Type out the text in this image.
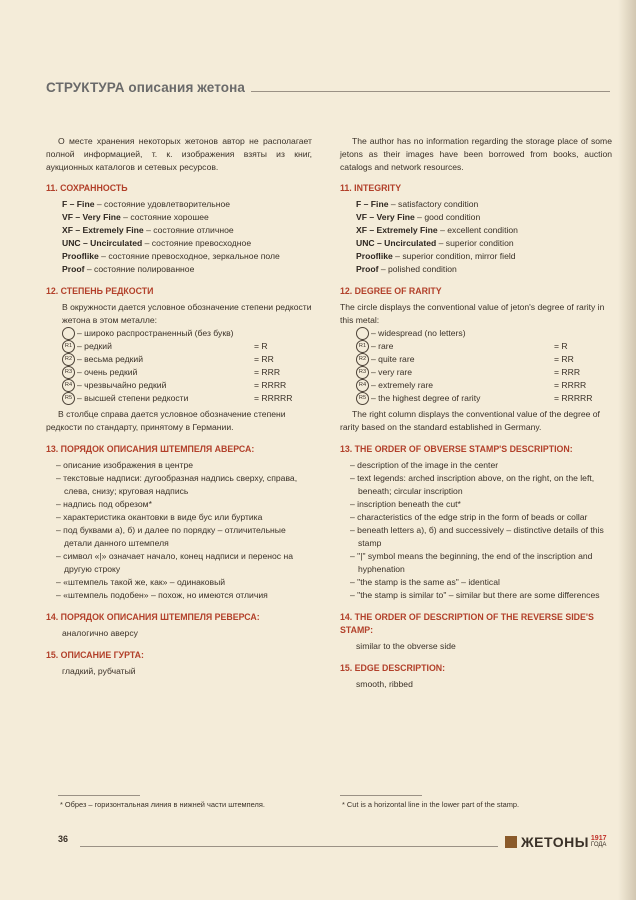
СТРУКТУРА описания жетона

О месте хранения некоторых жетонов автор не располагает полной информацией, т. к. изображения взяты из книг, аукционных каталогов и сетевых ресурсов.

11. СОХРАННОСТЬ
F – Fine – состояние удовлетворительное
VF – Very Fine – состояние хорошее
XF – Extremely Fine – состояние отличное
UNC – Uncirculated – состояние превосходное
Prooflike – состояние превосходное, зеркальное поле
Proof – состояние полированное
12. СТЕПЕНЬ РЕДКОСТИ
В окружности дается условное обозначение степени редкости жетона в этом металле:
– широко распространенный (без букв)
R1 – редкий	= R
R2 – весьма редкий	= RR
R3 – очень редкий	= RRR
R4 – чрезвычайно редкий	= RRRR
R5 – высшей степени редкости	= RRRRR

В столбце справа дается условное обозначение степени редкости по стандарту, принятому в Германии.

13. ПОРЯДОК ОПИСАНИЯ ШТЕМПЕЛЯ АВЕРСА:
– описание изображения в центре
– текстовые надписи: дугообразная надпись сверху, справа, слева, снизу; круговая надпись
– надпись под обрезом*
– характеристика окантовки в виде бус или буртика
– под буквами а), б) и далее по порядку – отличительные детали данного штемпеля
– символ «|» означает начало, конец надписи и перенос на другую строку
– «штемпель такой же, как» – одинаковый
– «штемпель подобен» – похож, но имеются отличия
14. ПОРЯДОК ОПИСАНИЯ ШТЕМПЕЛЯ РЕВЕРСА:
аналогично аверсу
15. ОПИСАНИЕ ГУРТА:
гладкий, рубчатый

The author has no information regarding the storage place of some jetons as their images have been borrowed from books, auction catalogs and network resources.

11. INTEGRITY
F – Fine – satisfactory condition
VF – Very Fine – good condition
XF – Extremely Fine – excellent condition
UNC – Uncirculated – superior condition
Prooflike – superior condition, mirror field
Proof – polished condition
12. DEGREE OF RARITY
The circle displays the conventional value of jeton's degree of rarity in this metal:
– widespread (no letters)
R1 – rare	= R
R2 – quite rare	= RR
R3 – very rare	= RRR
R4 – extremely rare	= RRRR
R5 – the highest degree of rarity	= RRRRR

The right column displays the conventional value of the degree of rarity based on the standard established in Germany.

13. THE ORDER OF OBVERSE STAMP'S DESCRIPTION:
– description of the image in the center
– text legends: arched inscription above, on the right, on the left, beneath; circular inscription
– inscription beneath the cut*
– characteristics of the edge strip in the form of beads or collar
– beneath letters а), б) and successively – distinctive details of this stamp
– "|" symbol means the beginning, the end of the inscription and hyphenation
– "the stamp is the same as" – identical
– "the stamp is similar to" – similar but there are some differences
14. THE ORDER OF DESCRIPTION OF THE REVERSE SIDE'S STAMP:
similar to the obverse side
15. EDGE DESCRIPTION:
smooth, ribbed
* Обрез – горизонтальная линия в нижней части штемпеля.	* Cut is a horizontal line in the lower part of the stamp.
36	ЖЕТОНЫ 1917
ГОДА
